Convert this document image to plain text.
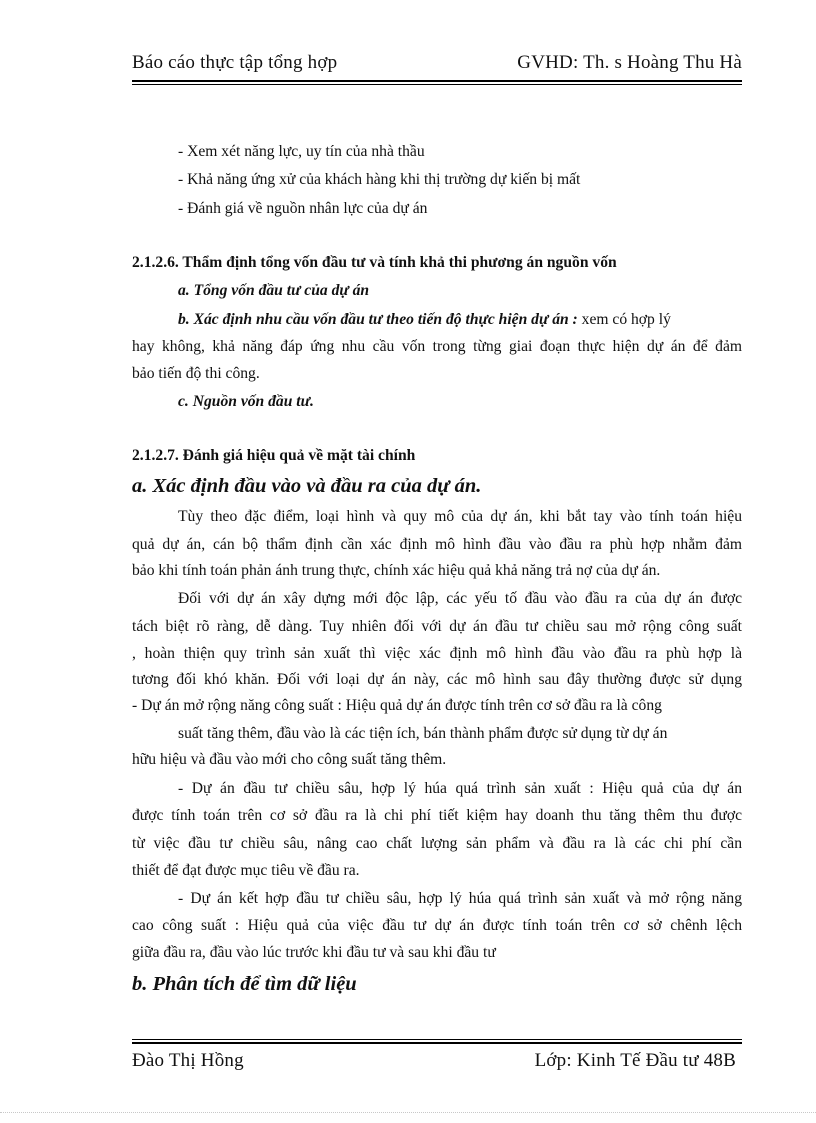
Báo cáo thực tập tổng hợp	GVHD: Th. s Hoàng Thu Hà
- Xem xét năng lực, uy tín của nhà thầu
- Khả năng ứng xử của khách hàng khi thị trường dự kiến bị mất
- Đánh giá về nguồn nhân lực của dự án
2.1.2.6. Thẩm định tổng vốn đầu tư và tính khả thi phương án nguồn vốn
a. Tổng vốn đầu tư của dự án
b. Xác định nhu cầu vốn đầu tư theo tiến độ thực hiện dự án : xem có hợp lý
hay không, khả năng đáp ứng nhu cầu vốn trong từng giai đoạn thực hiện dự án để đảm
bảo tiến độ thi công.
c. Nguồn vốn đầu tư.
2.1.2.7. Đánh giá hiệu quả về mặt tài chính
a. Xác định đầu vào và đầu ra của dự án.
Tùy theo đặc điểm, loại hình và quy mô của dự án, khi bắt tay vào tính toán hiệu
quả dự án, cán bộ thẩm định cần xác định mô hình đầu vào đầu ra phù hợp nhằm đảm
bảo khi tính toán phản ánh trung thực, chính xác hiệu quả khả năng trả nợ của dự án.
Đối với dự án xây dựng mới độc lập, các yếu tố đầu vào đầu ra của dự án được
tách biệt rõ ràng, dễ dàng. Tuy nhiên đối với dự án đầu tư chiều sau mở rộng công suất
, hoàn thiện quy trình sản xuất thì việc xác định mô hình đầu vào đầu ra phù hợp là
tương đối khó khăn. Đối với loại dự án này, các mô hình sau đây thường được sử dụng
- Dự án mở rộng năng công suất : Hiệu quả dự án được tính trên cơ sở đầu ra là công
suất tăng thêm, đầu vào là các tiện ích, bán thành phẩm được sử dụng từ dự án
hữu hiệu và đầu vào mới cho công suất tăng thêm.
- Dự án đầu tư chiều sâu, hợp lý húa quá trình sản xuất : Hiệu quả của dự án
được tính toán trên cơ sở đầu ra là chi phí tiết kiệm hay doanh thu tăng thêm thu được
từ việc đầu tư chiều sâu, nâng cao chất lượng sản phẩm và đầu ra là các chi phí cần
thiết để đạt được mục tiêu về đầu ra.
- Dự án kết hợp đầu tư chiều sâu, hợp lý húa quá trình sản xuất và mở rộng năng
cao công suất : Hiệu quả của việc đầu tư dự án được tính toán trên cơ sở chênh lệch
giữa đầu ra, đầu vào lúc trước khi đầu tư và sau khi đầu tư
b. Phân tích để tìm dữ liệu
Đào Thị Hồng	Lớp: Kinh Tế Đầu tư 48B
